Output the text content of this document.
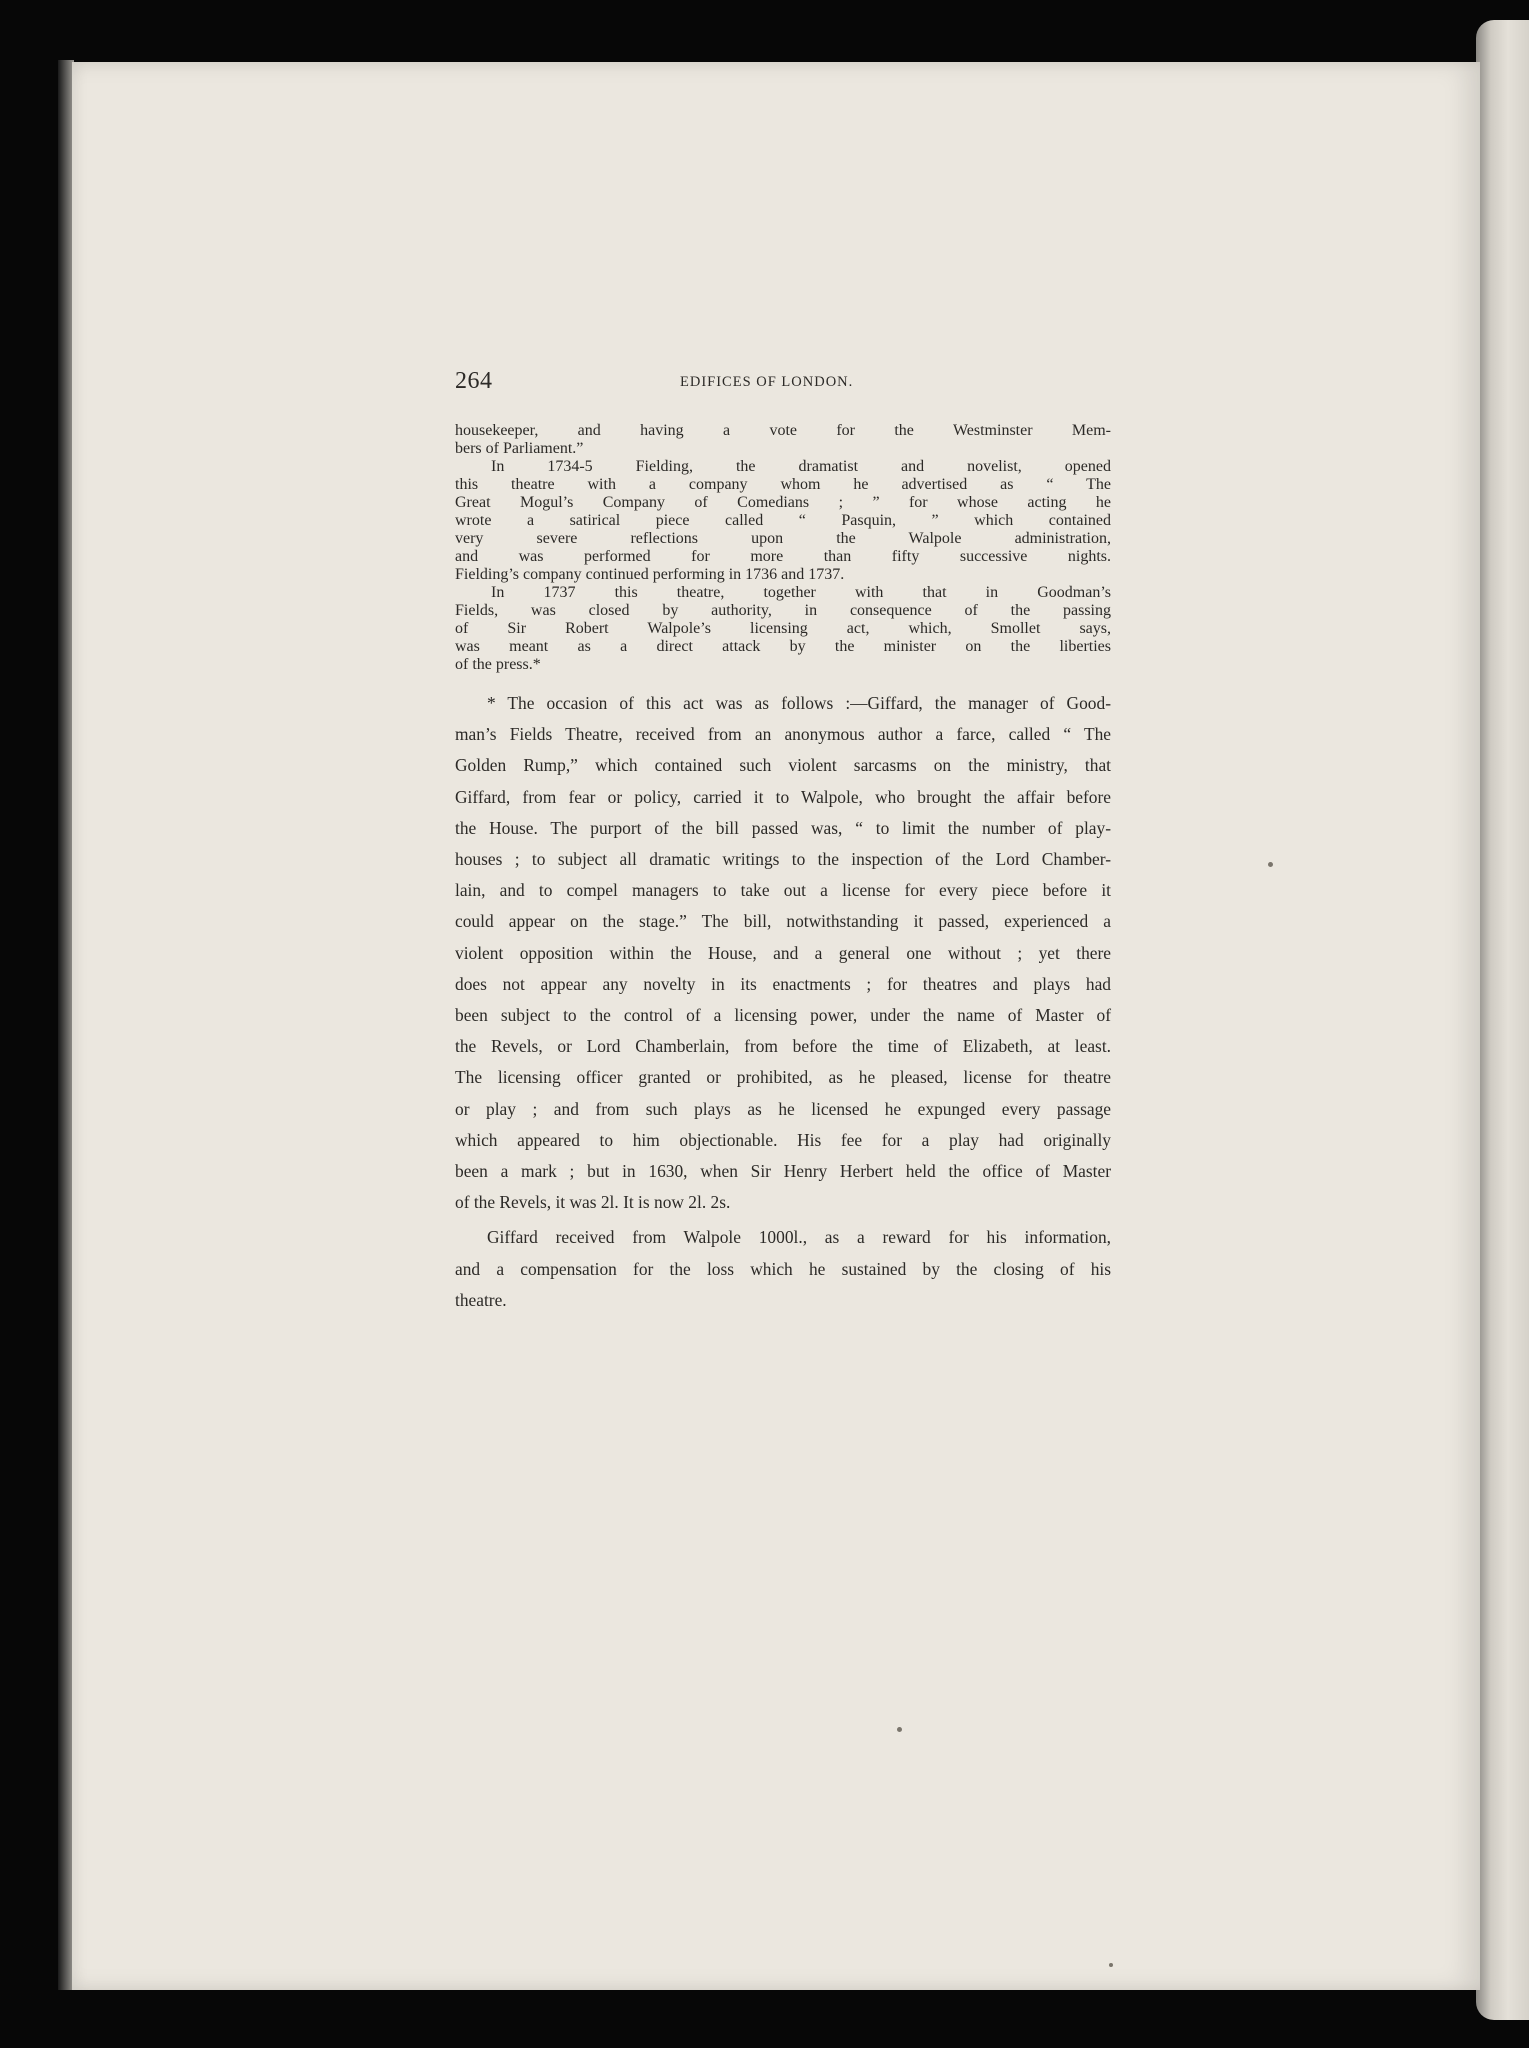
264	EDIFICES OF LONDON.
housekeeper, and having a vote for the Westminster Mem-
bers of Parliament.”
In 1734-5 Fielding, the dramatist and novelist, opened
this theatre with a company whom he advertised as “ The
Great Mogul’s Company of Comedians ; ” for whose acting he
wrote a satirical piece called “ Pasquin, ” which contained
very severe reflections upon the Walpole administration,
and was performed for more than fifty successive nights.
Fielding’s company continued performing in 1736 and 1737.
In 1737 this theatre, together with that in Goodman’s
Fields, was closed by authority, in consequence of the passing
of Sir Robert Walpole’s licensing act, which, Smollet says,
was meant as a direct attack by the minister on the liberties
of the press.*
* The occasion of this act was as follows :—Giffard, the manager of Good-
man’s Fields Theatre, received from an anonymous author a farce, called “ The
Golden Rump,” which contained such violent sarcasms on the ministry, that
Giffard, from fear or policy, carried it to Walpole, who brought the affair before
the House. The purport of the bill passed was, “ to limit the number of play-
houses ; to subject all dramatic writings to the inspection of the Lord Chamber-
lain, and to compel managers to take out a license for every piece before it
could appear on the stage.” The bill, notwithstanding it passed, experienced a
violent opposition within the House, and a general one without ; yet there
does not appear any novelty in its enactments ; for theatres and plays had
been subject to the control of a licensing power, under the name of Master of
the Revels, or Lord Chamberlain, from before the time of Elizabeth, at least.
The licensing officer granted or prohibited, as he pleased, license for theatre
or play ; and from such plays as he licensed he expunged every passage
which appeared to him objectionable. His fee for a play had originally
been a mark ; but in 1630, when Sir Henry Herbert held the office of Master
of the Revels, it was 2l. It is now 2l. 2s.
Giffard received from Walpole 1000l., as a reward for his information,
and a compensation for the loss which he sustained by the closing of his
theatre.
